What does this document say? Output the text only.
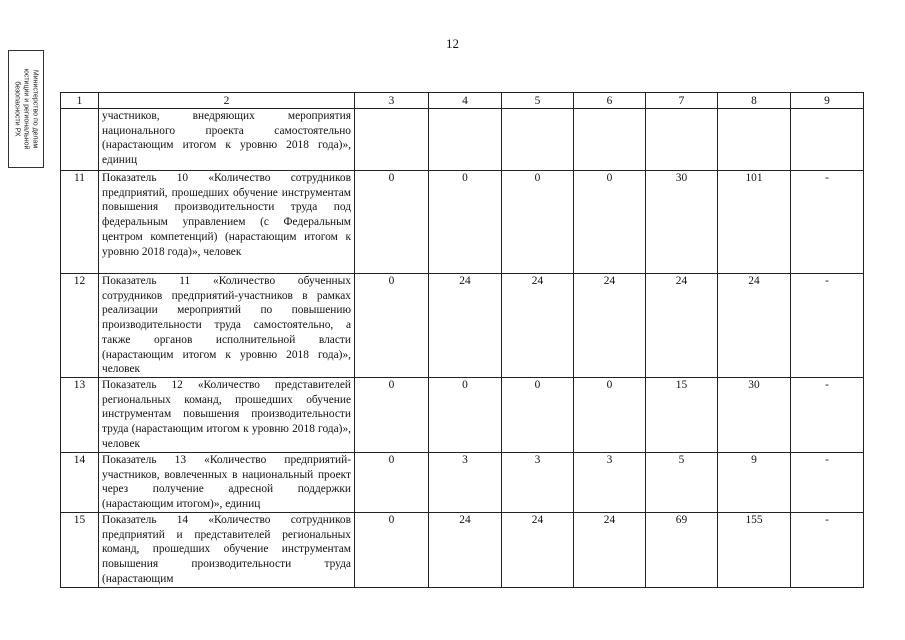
12
Министерство по делам
юстиции и региональной
безопасности РХ	1	2	3	4	5	6	7	8	9
	участников, внедряющих мероприятия национального проекта самостоятельно (нарастающим итогом к уровню 2018 года)», единиц							
11	Показатель 10 «Количество сотрудников предприятий, прошедших обучение инструментам повышения производительности труда под федеральным управлением (с Федеральным центром компетенций) (нарастающим итогом к уровню 2018 года)», человек	0	0	0	0	30	101	-
12	Показатель 11 «Количество обученных сотрудников предприятий-участников в рамках реализации мероприятий по повышению производительности труда самостоятельно, а также органов исполнительной власти (нарастающим итогом к уровню 2018 года)», человек	0	24	24	24	24	24	-
13	Показатель 12 «Количество представителей региональных команд, прошедших обучение инструментам повышения производительности труда (нарастающим итогом к уровню 2018 года)», человек	0	0	0	0	15	30	-
14	Показатель 13 «Количество предприятий-участников, вовлеченных в национальный проект через получение адресной поддержки (нарастающим итогом)», единиц	0	3	3	3	5	9	-
15	Показатель 14 «Количество сотрудников предприятий и представителей региональных команд, прошедших обучение инструментам повышения производительности труда (нарастающим	0	24	24	24	69	155	-
